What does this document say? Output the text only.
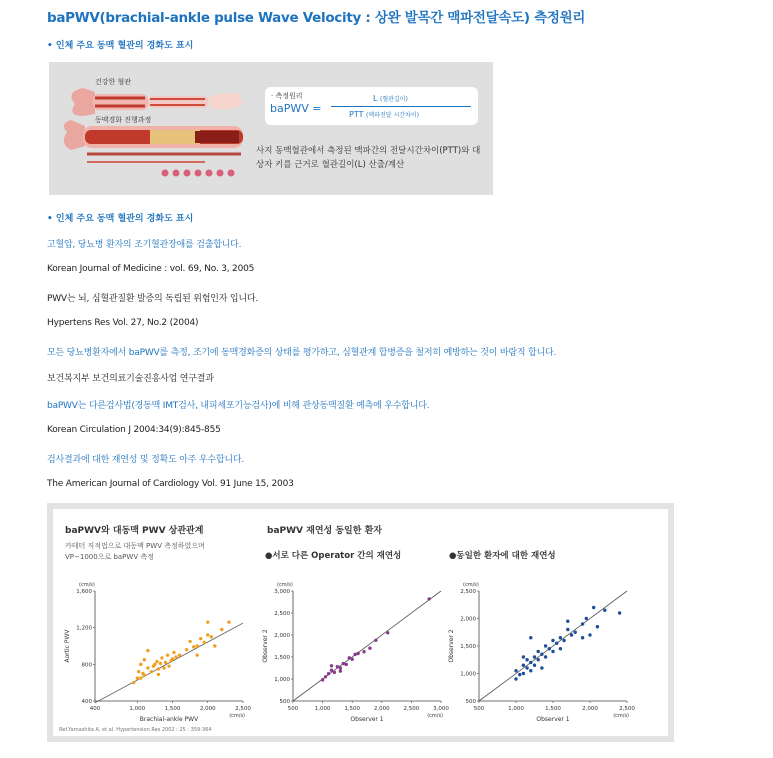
baPWV(brachial-ankle pulse Wave Velocity : 상완 발목간 맥파전달속도) 측정원리
• 인체 주요 동맥 혈관의 경화도 표시
건강한 혈관
동맥경화 진행과정
· 측정원리
baPWV =
L (혈관길이)
PTT (맥파전달 시간차이)
사지 동맥혈관에서 측정된 맥파간의 전달시간차이(PTT)와 대상자 키를 근거로 혈관길이(L) 산출/계산
• 인체 주요 동맥 혈관의 경화도 표시
고혈압, 당뇨병 환자의 조기혈관장애를 검출합니다.
Korean Journal of Medicine : vol. 69, No. 3, 2005
PWV는 뇌, 심혈관질환 발증의 독립된 위험인자 입니다.
Hypertens Res Vol. 27, No.2 (2004)
모든 당뇨병환자에서 baPWV를 측정, 조기에 동맥경화증의 상태를 평가하고, 심혈관계 합병증을 철저히 예방하는 것이 바람직 합니다.
보건복지부 보건의료기술진흥사업 연구결과
baPWV는 다른검사법(경동맥 IMT검사, 내피세포기능검사)에 비해 관상동맥질환 예측에 우수합니다.
Korean Circulation J 2004:34(9):845-855
검사결과에 대한 재연성 및 정확도 아주 우수합니다.
The American Journal of Cardiology Vol. 91 June 15, 2003
baPWV와 대동맥 PWV 상관관계
카테터 직적법으로 대동맥 PWV 측정하였으며
VP−1000으로 baPWV 측정
baPWV 재연성 동일한 환자
●서로 다른 Operator 간의 재연성	●동일한 환자에 대한 재연성
Ref.Yamashita A, et al. Hypertension Res 2002 : 25 : 359-364
400	1,000	1,500	2,000	2,500
400
800
1,200
1,600
(cm/s)
(cm/s)
Brachial-ankle PWV
Aortic PWV
500	1,000	1,500	2,000	2,500	3,000
500
1,000
1,500
2,000
2,500
3,000
(cm/s)
(cm/s)
Observer 1
Observer 2
500	1,000	1,500	2,000	2,500
500
1,000
1,500
2,000
2,500
(cm/s)
(cm/s)
Observer 1
Observer 2
